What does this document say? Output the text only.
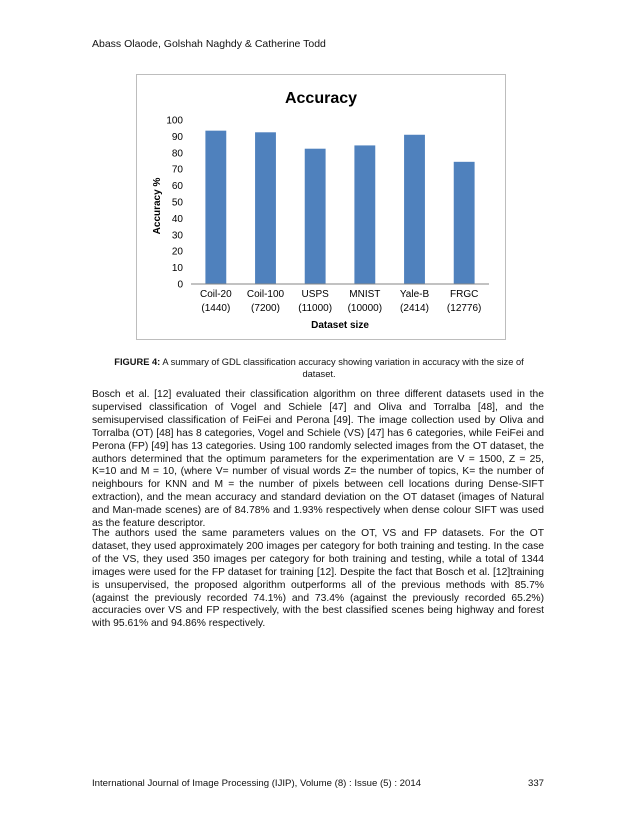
Abass Olaode, Golshah Naghdy & Catherine Todd
Accuracy
Accuracy %
Dataset size
0
10
20
30
40
50
60
70
80
90
100
Coil-20
(1440)
Coil-100
(7200)
USPS
(11000)
MNIST
(10000)
Yale-B
(2414)
FRGC
(12776)
FIGURE 4: A summary of GDL classification accuracy showing variation in accuracy with the size of dataset.

Bosch et al. [12] evaluated their classification algorithm on three different datasets used in the supervised classification of Vogel and Schiele [47] and Oliva and Torralba [48], and the semisupervised classification of FeiFei and Perona [49]. The image collection used by Oliva and Torralba (OT) [48] has 8 categories, Vogel and Schiele (VS) [47] has 6 categories, while FeiFei and Perona (FP) [49] has 13 categories. Using 100 randomly selected images from the OT dataset, the authors determined that the optimum parameters for the experimentation are V = 1500, Z = 25, K=10 and M = 10, (where V= number of visual words Z= the number of topics, K= the number of neighbours for KNN and M = the number of pixels between cell locations during Dense-SIFT extraction), and the mean accuracy and standard deviation on the OT dataset (images of Natural and Man-made scenes) are of 84.78% and 1.93% respectively when dense colour SIFT was used as the feature descriptor.

The authors used the same parameters values on the OT, VS and FP datasets. For the OT dataset, they used approximately 200 images per category for both training and testing. In the case of the VS, they used 350 images per category for both training and testing, while a total of 1344 images were used for the FP dataset for training [12]. Despite the fact that Bosch et al. [12]training is unsupervised, the proposed algorithm outperforms all of the previous methods with 85.7% (against the previously recorded 74.1%) and 73.4% (against the previously recorded 65.2%) accuracies over VS and FP respectively, with the best classified scenes being highway and forest with 95.61% and 94.86% respectively.

International Journal of Image Processing (IJIP), Volume (8) : Issue (5) : 2014	337
